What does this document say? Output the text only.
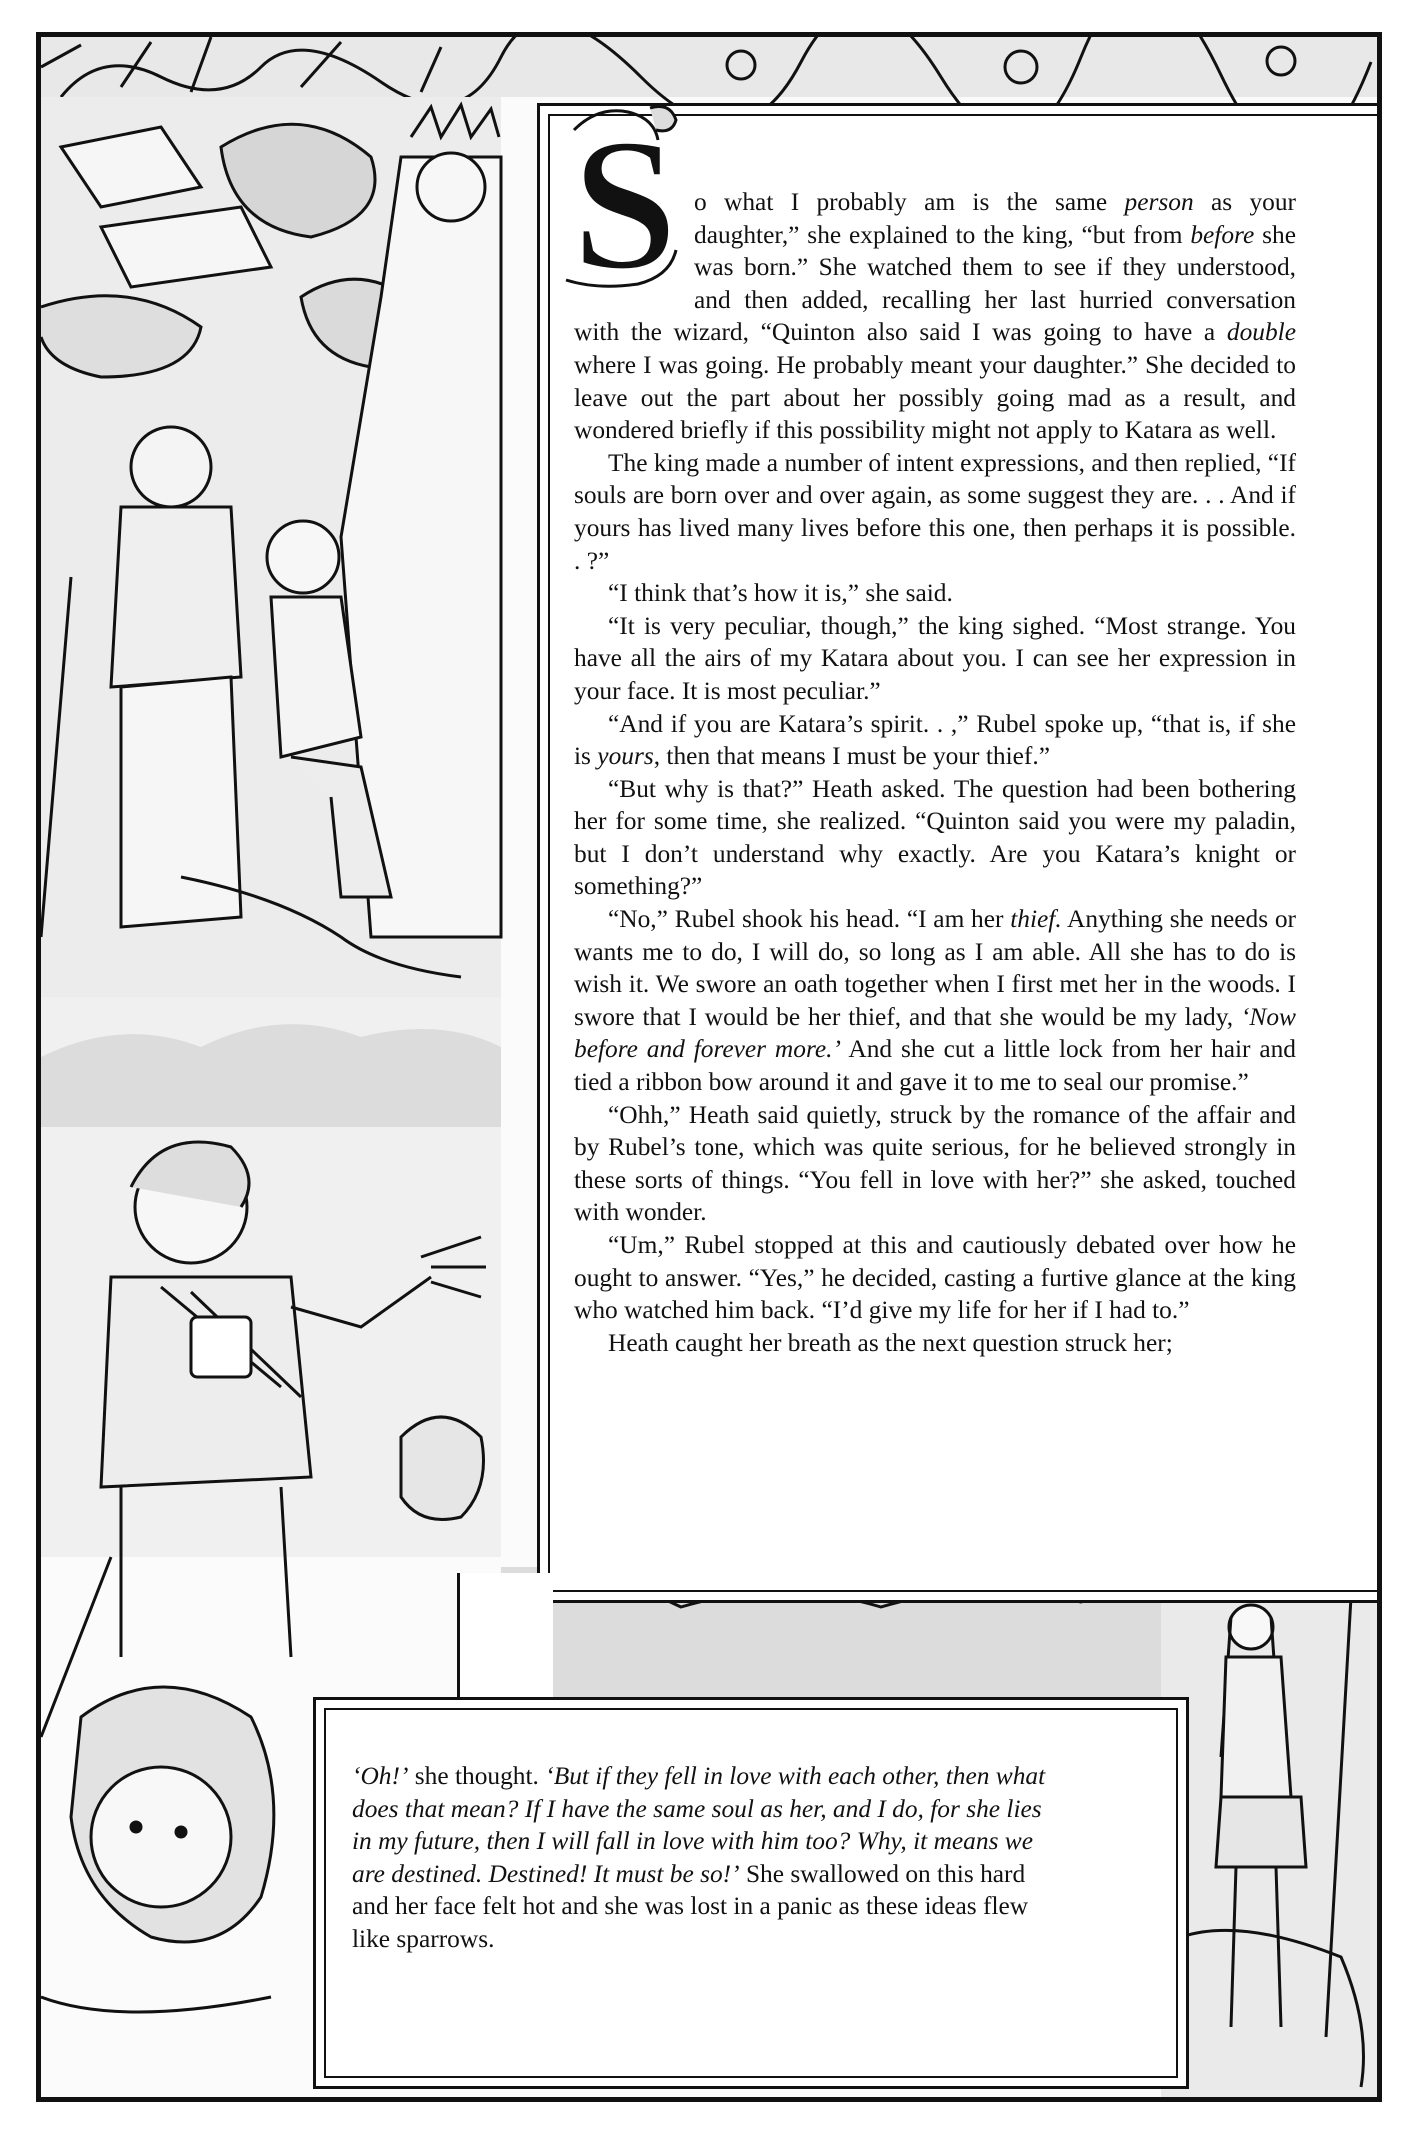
S o what I probably am is the same person as your daughter,” she explained to the king, “but from before she was born.” She watched them to see if they understood, and then added, recalling her last hurried conversation with the wizard, “Quinton also said I was going to have a double where I was going. He probably meant your daughter.” She decided to leave out the part about her possibly going mad as a result, and wondered briefly if this possibility might not apply to Katara as well.

The king made a number of intent expressions, and then replied, “If souls are born over and over again, as some suggest they are. . . And if yours has lived many lives before this one, then perhaps it is possible. . ?”

“I think that’s how it is,” she said.

“It is very peculiar, though,” the king sighed. “Most strange. You have all the airs of my Katara about you. I can see her expression in your face. It is most peculiar.”

“And if you are Katara’s spirit. . ,” Rubel spoke up, “that is, if she is yours, then that means I must be your thief.”

“But why is that?” Heath asked. The question had been bothering her for some time, she realized. “Quinton said you were my paladin, but I don’t understand why exactly. Are you Katara’s knight or something?”

“No,” Rubel shook his head. “I am her thief. Anything she needs or wants me to do, I will do, so long as I am able. All she has to do is wish it. We swore an oath together when I first met her in the woods. I swore that I would be her thief, and that she would be my lady, ‘Now before and forever more.’ And she cut a little lock from her hair and tied a ribbon bow around it and gave it to me to seal our promise.”

“Ohh,” Heath said quietly, struck by the romance of the affair and by Rubel’s tone, which was quite serious, for he believed strongly in these sorts of things. “You fell in love with her?” she asked, touched with wonder.

“Um,” Rubel stopped at this and cautiously debated over how he ought to answer. “Yes,” he decided, casting a furtive glance at the king who watched him back. “I’d give my life for her if I had to.”

Heath caught her breath as the next question struck her;

‘Oh!’ she thought. ‘But if they fell in love with each other, then what does that mean? If I have the same soul as her, and I do, for she lies in my future, then I will fall in love with him too? Why, it means we are destined. Destined! It must be so!’ She swallowed on this hard and her face felt hot and she was lost in a panic as these ideas flew like sparrows.
